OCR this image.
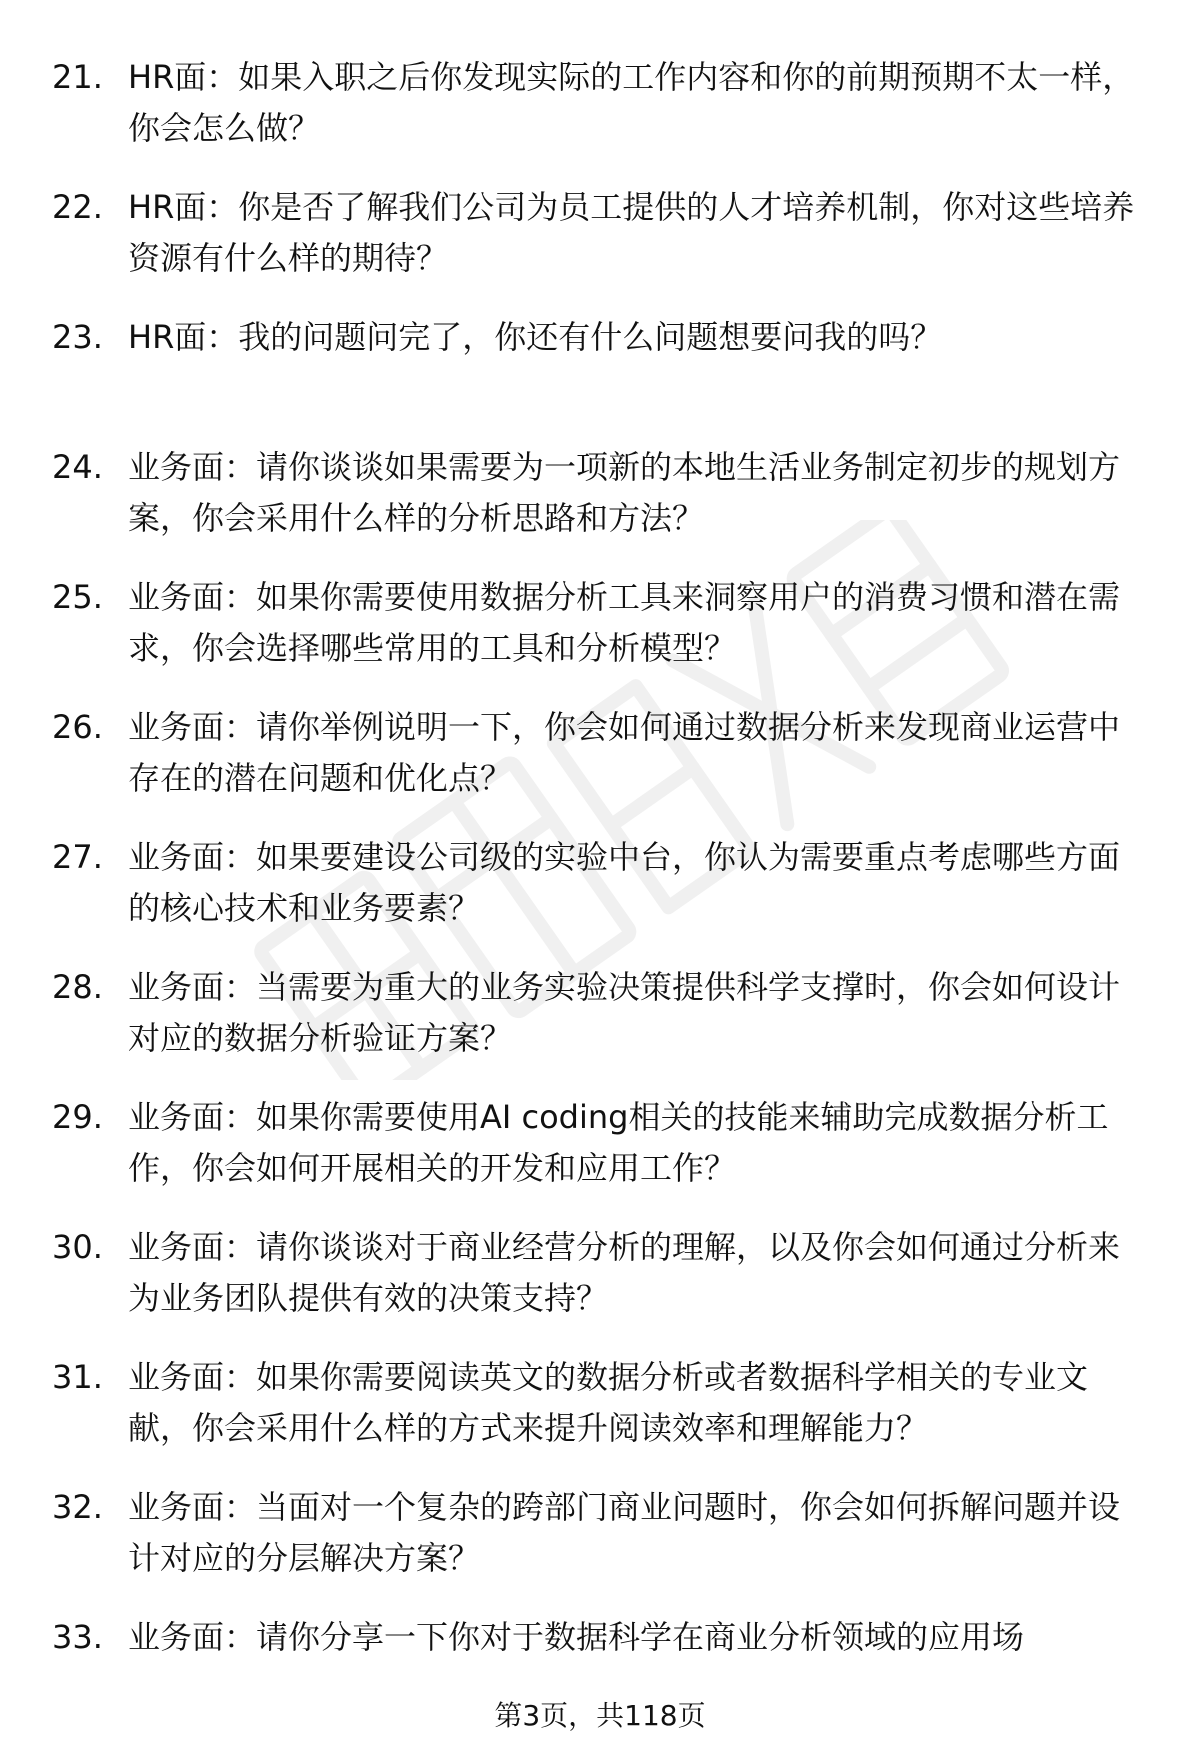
21. HR面：如果入职之后你发现实际的工作内容和你的前期预期不太一样，你会怎么做？
22. HR面：你是否了解我们公司为员工提供的人才培养机制，你对这些培养资源有什么样的期待？
23. HR面：我的问题问完了，你还有什么问题想要问我的吗？
24. 业务面：请你谈谈如果需要为一项新的本地生活业务制定初步的规划方案，你会采用什么样的分析思路和方法？
25. 业务面：如果你需要使用数据分析工具来洞察用户的消费习惯和潜在需求，你会选择哪些常用的工具和分析模型？
26. 业务面：请你举例说明一下，你会如何通过数据分析来发现商业运营中存在的潜在问题和优化点？
27. 业务面：如果要建设公司级的实验中台，你认为需要重点考虑哪些方面的核心技术和业务要素？
28. 业务面：当需要为重大的业务实验决策提供科学支撑时，你会如何设计对应的数据分析验证方案？
29. 业务面：如果你需要使用AI coding相关的技能来辅助完成数据分析工作，你会如何开展相关的开发和应用工作？
30. 业务面：请你谈谈对于商业经营分析的理解，以及你会如何通过分析来为业务团队提供有效的决策支持？
31. 业务面：如果你需要阅读英文的数据分析或者数据科学相关的专业文献，你会采用什么样的方式来提升阅读效率和理解能力？
32. 业务面：当面对一个复杂的跨部门商业问题时，你会如何拆解问题并设计对应的分层解决方案？
33. 业务面：请你分享一下你对于数据科学在商业分析领域的应用场
第3页，共118页
